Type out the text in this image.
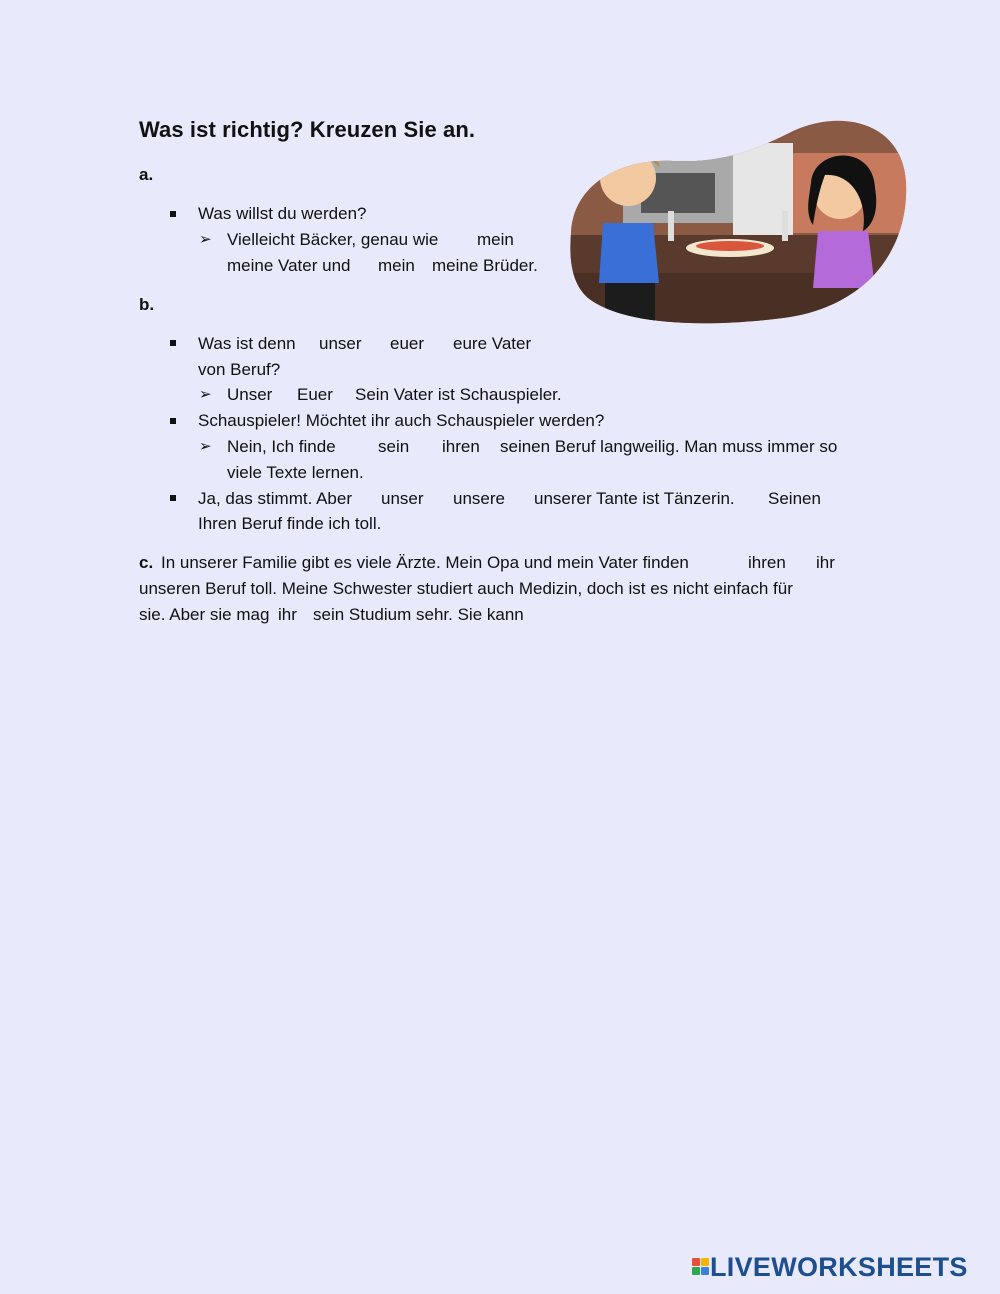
Was ist richtig? Kreuzen Sie an.
a.
Was willst du werden?
➢ Vielleicht Bäcker, genau wie mein
meine Vater und mein meine Brüder.
b.
Was ist denn unser euer eure Vater
von Beruf?
➢ Unser Euer Sein Vater ist Schauspieler.
Schauspieler! Möchtet ihr auch Schauspieler werden?
➢ Nein, Ich finde sein ihren seinen Beruf langweilig. Man muss immer so
viele Texte lernen.
Ja, das stimmt. Aber unser unsere unserer Tante ist Tänzerin. Seinen
Ihren Beruf finde ich toll.
c. In unserer Familie gibt es viele Ärzte. Mein Opa und mein Vater finden	ihren ihr
unseren Beruf toll. Meine Schwester studiert auch Medizin, doch ist es nicht einfach für
sie. Aber sie mag ihr sein Studium sehr. Sie kann
LIVEWORKSHEETS
